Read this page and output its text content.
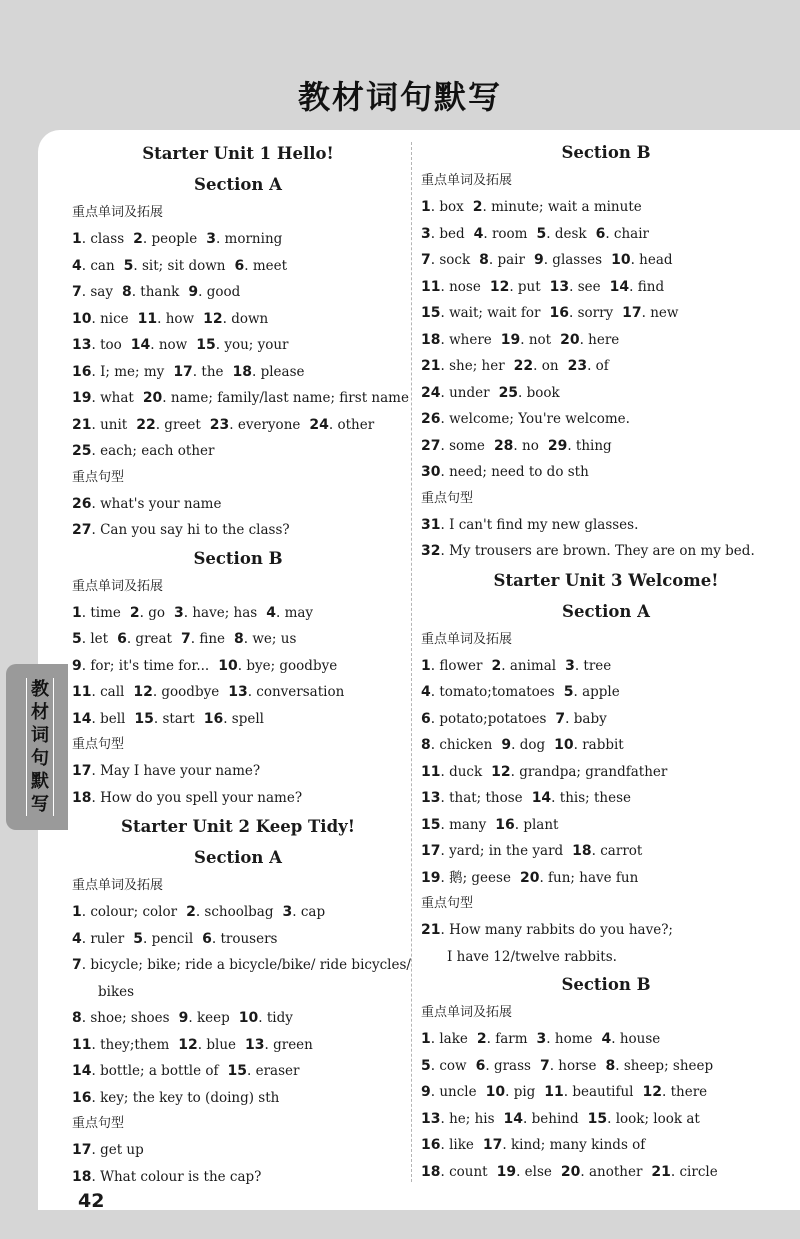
教材词句默写
Starter Unit 1 Hello!
Section A
重点单词及拓展
1. class 2. people 3. morning
4. can 5. sit; sit down 6. meet
7. say 8. thank 9. good
10. nice 11. how 12. down
13. too 14. now 15. you; your
16. I; me; my 17. the 18. please
19. what 20. name; family/last name; first name
21. unit 22. greet 23. everyone 24. other
25. each; each other
重点句型
26. what's your name
27. Can you say hi to the class?
Section B
重点单词及拓展
1. time 2. go 3. have; has 4. may
5. let 6. great 7. fine 8. we; us
9. for; it's time for... 10. bye; goodbye
11. call 12. goodbye 13. conversation
14. bell 15. start 16. spell
重点句型
17. May I have your name?
18. How do you spell your name?
Starter Unit 2 Keep Tidy!
Section A
重点单词及拓展
1. colour; color 2. schoolbag 3. cap
4. ruler 5. pencil 6. trousers
7. bicycle; bike; ride a bicycle/bike/ ride bicycles/
bikes
8. shoe; shoes 9. keep 10. tidy
11. they;them 12. blue 13. green
14. bottle; a bottle of 15. eraser
16. key; the key to (doing) sth
重点句型
17. get up
18. What colour is the cap?
Section B
重点单词及拓展
1. box 2. minute; wait a minute
3. bed 4. room 5. desk 6. chair
7. sock 8. pair 9. glasses 10. head
11. nose 12. put 13. see 14. find
15. wait; wait for 16. sorry 17. new
18. where 19. not 20. here
21. she; her 22. on 23. of
24. under 25. book
26. welcome; You're welcome.
27. some 28. no 29. thing
30. need; need to do sth
重点句型
31. I can't find my new glasses.
32. My trousers are brown. They are on my bed.
Starter Unit 3 Welcome!
Section A
重点单词及拓展
1. flower 2. animal 3. tree
4. tomato;tomatoes 5. apple
6. potato;potatoes 7. baby
8. chicken 9. dog 10. rabbit
11. duck 12. grandpa; grandfather
13. that; those 14. this; these
15. many 16. plant
17. yard; in the yard 18. carrot
19. 鹅; geese 20. fun; have fun
重点句型
21. How many rabbits do you have?;
I have 12/twelve rabbits.
Section B
重点单词及拓展
1. lake 2. farm 3. home 4. house
5. cow 6. grass 7. horse 8. sheep; sheep
9. uncle 10. pig 11. beautiful 12. there
13. he; his 14. behind 15. look; look at
16. like 17. kind; many kinds of
18. count 19. else 20. another 21. circle
教
材
词
句
默
写
42
